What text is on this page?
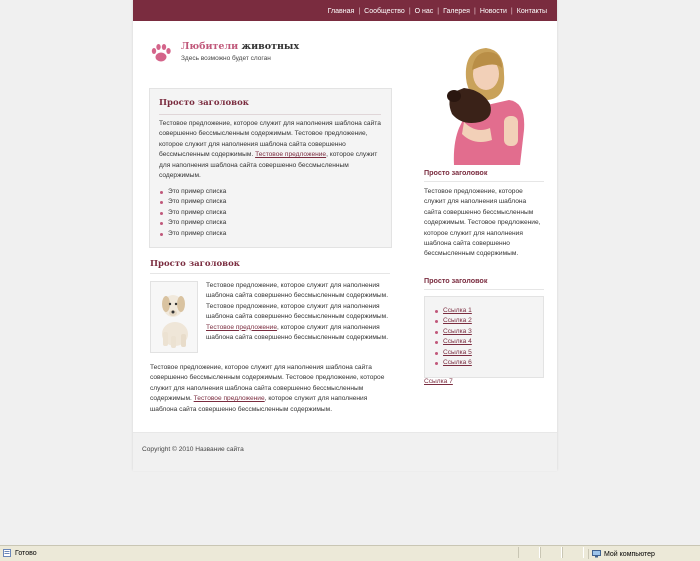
Главная | Сообщество | О нас | Галерея | Новости | Контакты
Любители животных
Здесь возможно будет слоган
Просто заголовок
Тестовое предложение, которое служит для наполнения шаблона сайта совершенно бессмысленным содержимым. Тестовое предложение, которое служит для наполнения шаблона сайта совершенно бессмысленным содержимым. Тестовое предложение, которое служит для наполнения шаблона сайта совершенно бессмысленным содержимым.
Это пример списка
Это пример списка
Это пример списка
Это пример списка
Это пример списка
Просто заголовок
Тестовое предложение, которое служит для наполнения шаблона сайта совершенно бессмысленным содержимым. Тестовое предложение, которое служит для наполнения шаблона сайта совершенно бессмысленным содержимым. Тестовое предложение, которое служит для наполнения шаблона сайта совершенно бессмысленным содержимым.
Тестовое предложение, которое служит для наполнения шаблона сайта совершенно бессмысленным содержимым. Тестовое предложение, которое служит для наполнения шаблона сайта совершенно бессмысленным содержимым. Тестовое предложение, которое служит для наполнения шаблона сайта совершенно бессмысленным содержимым.
Просто заголовок
Тестовое предложение, которое служит для наполнения шаблона сайта совершенно бессмысленным содержимым. Тестовое предложение, которое служит для наполнения шаблона сайта совершенно бессмысленным содержимым.
Просто заголовок
Ссылка 1
Ссылка 2
Ссылка 3
Ссылка 4
Ссылка 5
Ссылка 6
Ссылка 7
Copyright © 2010 Название сайта
Готово	Мой компьютер
